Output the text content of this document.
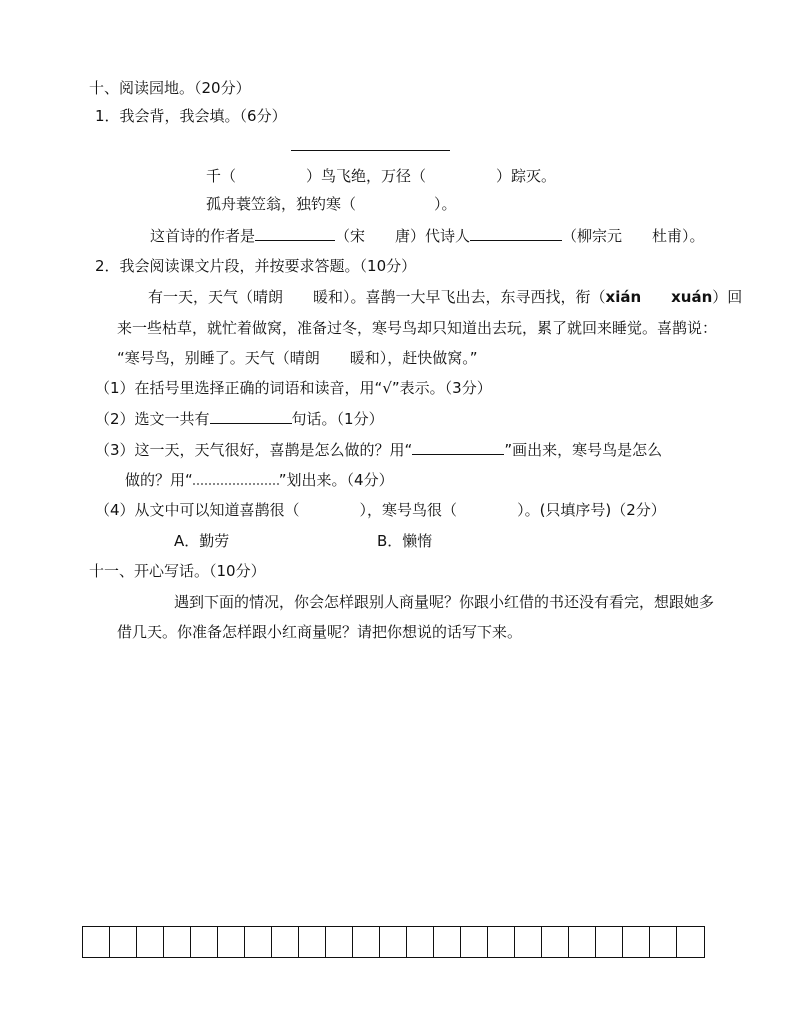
十、阅读园地。（20分）
1．我会背，我会填。（6分）
千（	）鸟飞绝，万径（	）踪灭。
孤舟蓑笠翁，独钓寒（	）。
这首诗的作者是	（宋　　唐）代诗人	（柳宗元　　杜甫）。
2．我会阅读课文片段，并按要求答题。（10分）
有一天，天气（晴朗　　暖和）。喜鹊一大早飞出去，东寻西找，衔（xián　　xuán）回
来一些枯草，就忙着做窝，准备过冬，寒号鸟却只知道出去玩，累了就回来睡觉。喜鹊说：
“寒号鸟，别睡了。天气（晴朗　　暖和），赶快做窝。”
（1）在括号里选择正确的词语和读音，用“√”表示。（3分）
（2）选文一共有	句话。（1分）
（3）这一天，天气很好，喜鹊是怎么做的？用“	”画出来，寒号鸟是怎么
做的？用“	”划出来。（4分）
（4）从文中可以知道喜鹊很（	），寒号鸟很（	）。(只填序号)（2分）
A．勤劳	B．懒惰
十一、开心写话。（10分）
遇到下面的情况，你会怎样跟别人商量呢？你跟小红借的书还没有看完，想跟她多
借几天。你准备怎样跟小红商量呢？请把你想说的话写下来。
